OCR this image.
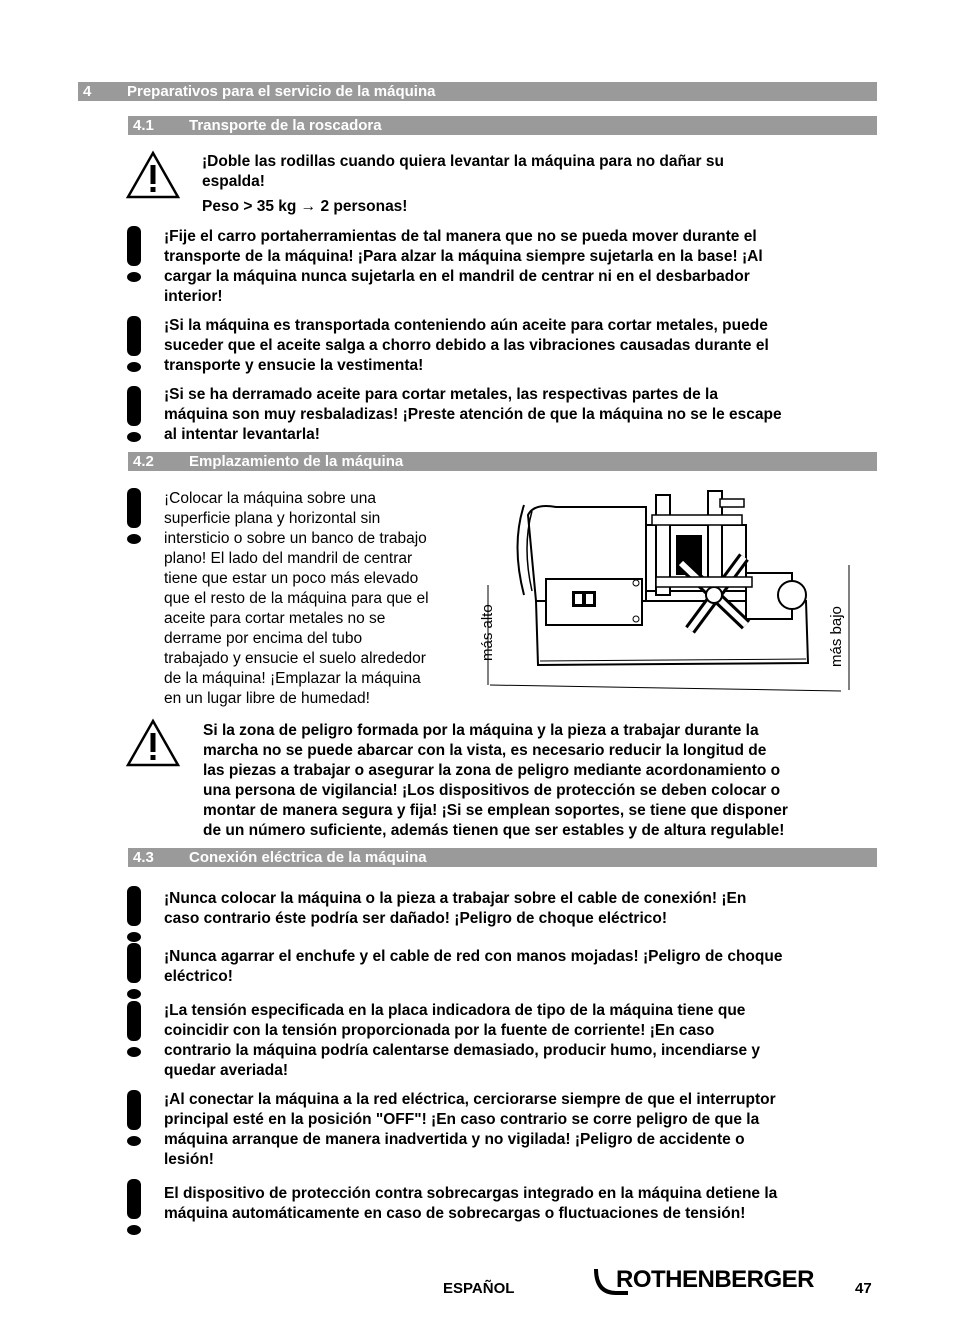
4 Preparativos para el servicio de la máquina
4.1 Transporte de la roscadora

¡Doble las rodillas cuando quiera levantar la máquina para no dañar su

espalda!

Peso > 35 kg → 2 personas!

¡Fije el carro portaherramientas de tal manera que no se pueda mover durante el

transporte de la máquina! ¡Para alzar la máquina siempre sujetarla en la base! ¡Al

cargar la máquina nunca sujetarla en el mandril de centrar ni en el desbarbador

interior!

¡Si la máquina es transportada conteniendo aún aceite para cortar metales, puede

suceder que el aceite salga a chorro debido a las vibraciones causadas durante el

transporte y ensucie la vestimenta!

¡Si se ha derramado aceite para cortar metales, las respectivas partes de la

máquina son muy resbaladizas! ¡Preste atención de que la máquina no se le escape

al intentar levantarla!

4.2 Emplazamiento de la máquina

¡Colocar la máquina sobre una

superficie plana y horizontal sin

intersticio o sobre un banco de trabajo

plano! El lado del mandril de centrar

tiene que estar un poco más elevado

que el resto de la máquina para que el

aceite para cortar metales no se

derrame por encima del tubo

trabajado y ensucie el suelo alrededor

de la máquina! ¡Emplazar la máquina

en un lugar libre de humedad!

más alto	más bajo

Si la zona de peligro formada por la máquina y la pieza a trabajar durante la

marcha no se puede abarcar con la vista, es necesario reducir la longitud de

las piezas a trabajar o asegurar la zona de peligro mediante acordonamiento o

una persona de vigilancia! ¡Los dispositivos de protección se deben colocar o

montar de manera segura y fija! ¡Si se emplean soportes, se tiene que disponer

de un número suficiente, además tienen que ser estables y de altura regulable!

4.3 Conexión eléctrica de la máquina

¡Nunca colocar la máquina o la pieza a trabajar sobre el cable de conexión! ¡En

caso contrario éste podría ser dañado! ¡Peligro de choque eléctrico!

¡Nunca agarrar el enchufe y el cable de red con manos mojadas! ¡Peligro de choque

eléctrico!

¡La tensión especificada en la placa indicadora de tipo de la máquina tiene que

coincidir con la tensión proporcionada por la fuente de corriente! ¡En caso

contrario la máquina podría calentarse demasiado, producir humo, incendiarse y

quedar averiada!

¡Al conectar la máquina a la red eléctrica, cerciorarse siempre de que el interruptor

principal esté en la posición "OFF"! ¡En caso contrario se corre peligro de que la

máquina arranque de manera inadvertida y no vigilada! ¡Peligro de accidente o

lesión!

El dispositivo de protección contra sobrecargas integrado en la máquina detiene la

máquina automáticamente en caso de sobrecargas o fluctuaciones de tensión!

ESPAÑOL	ROTHENBERGER	47
